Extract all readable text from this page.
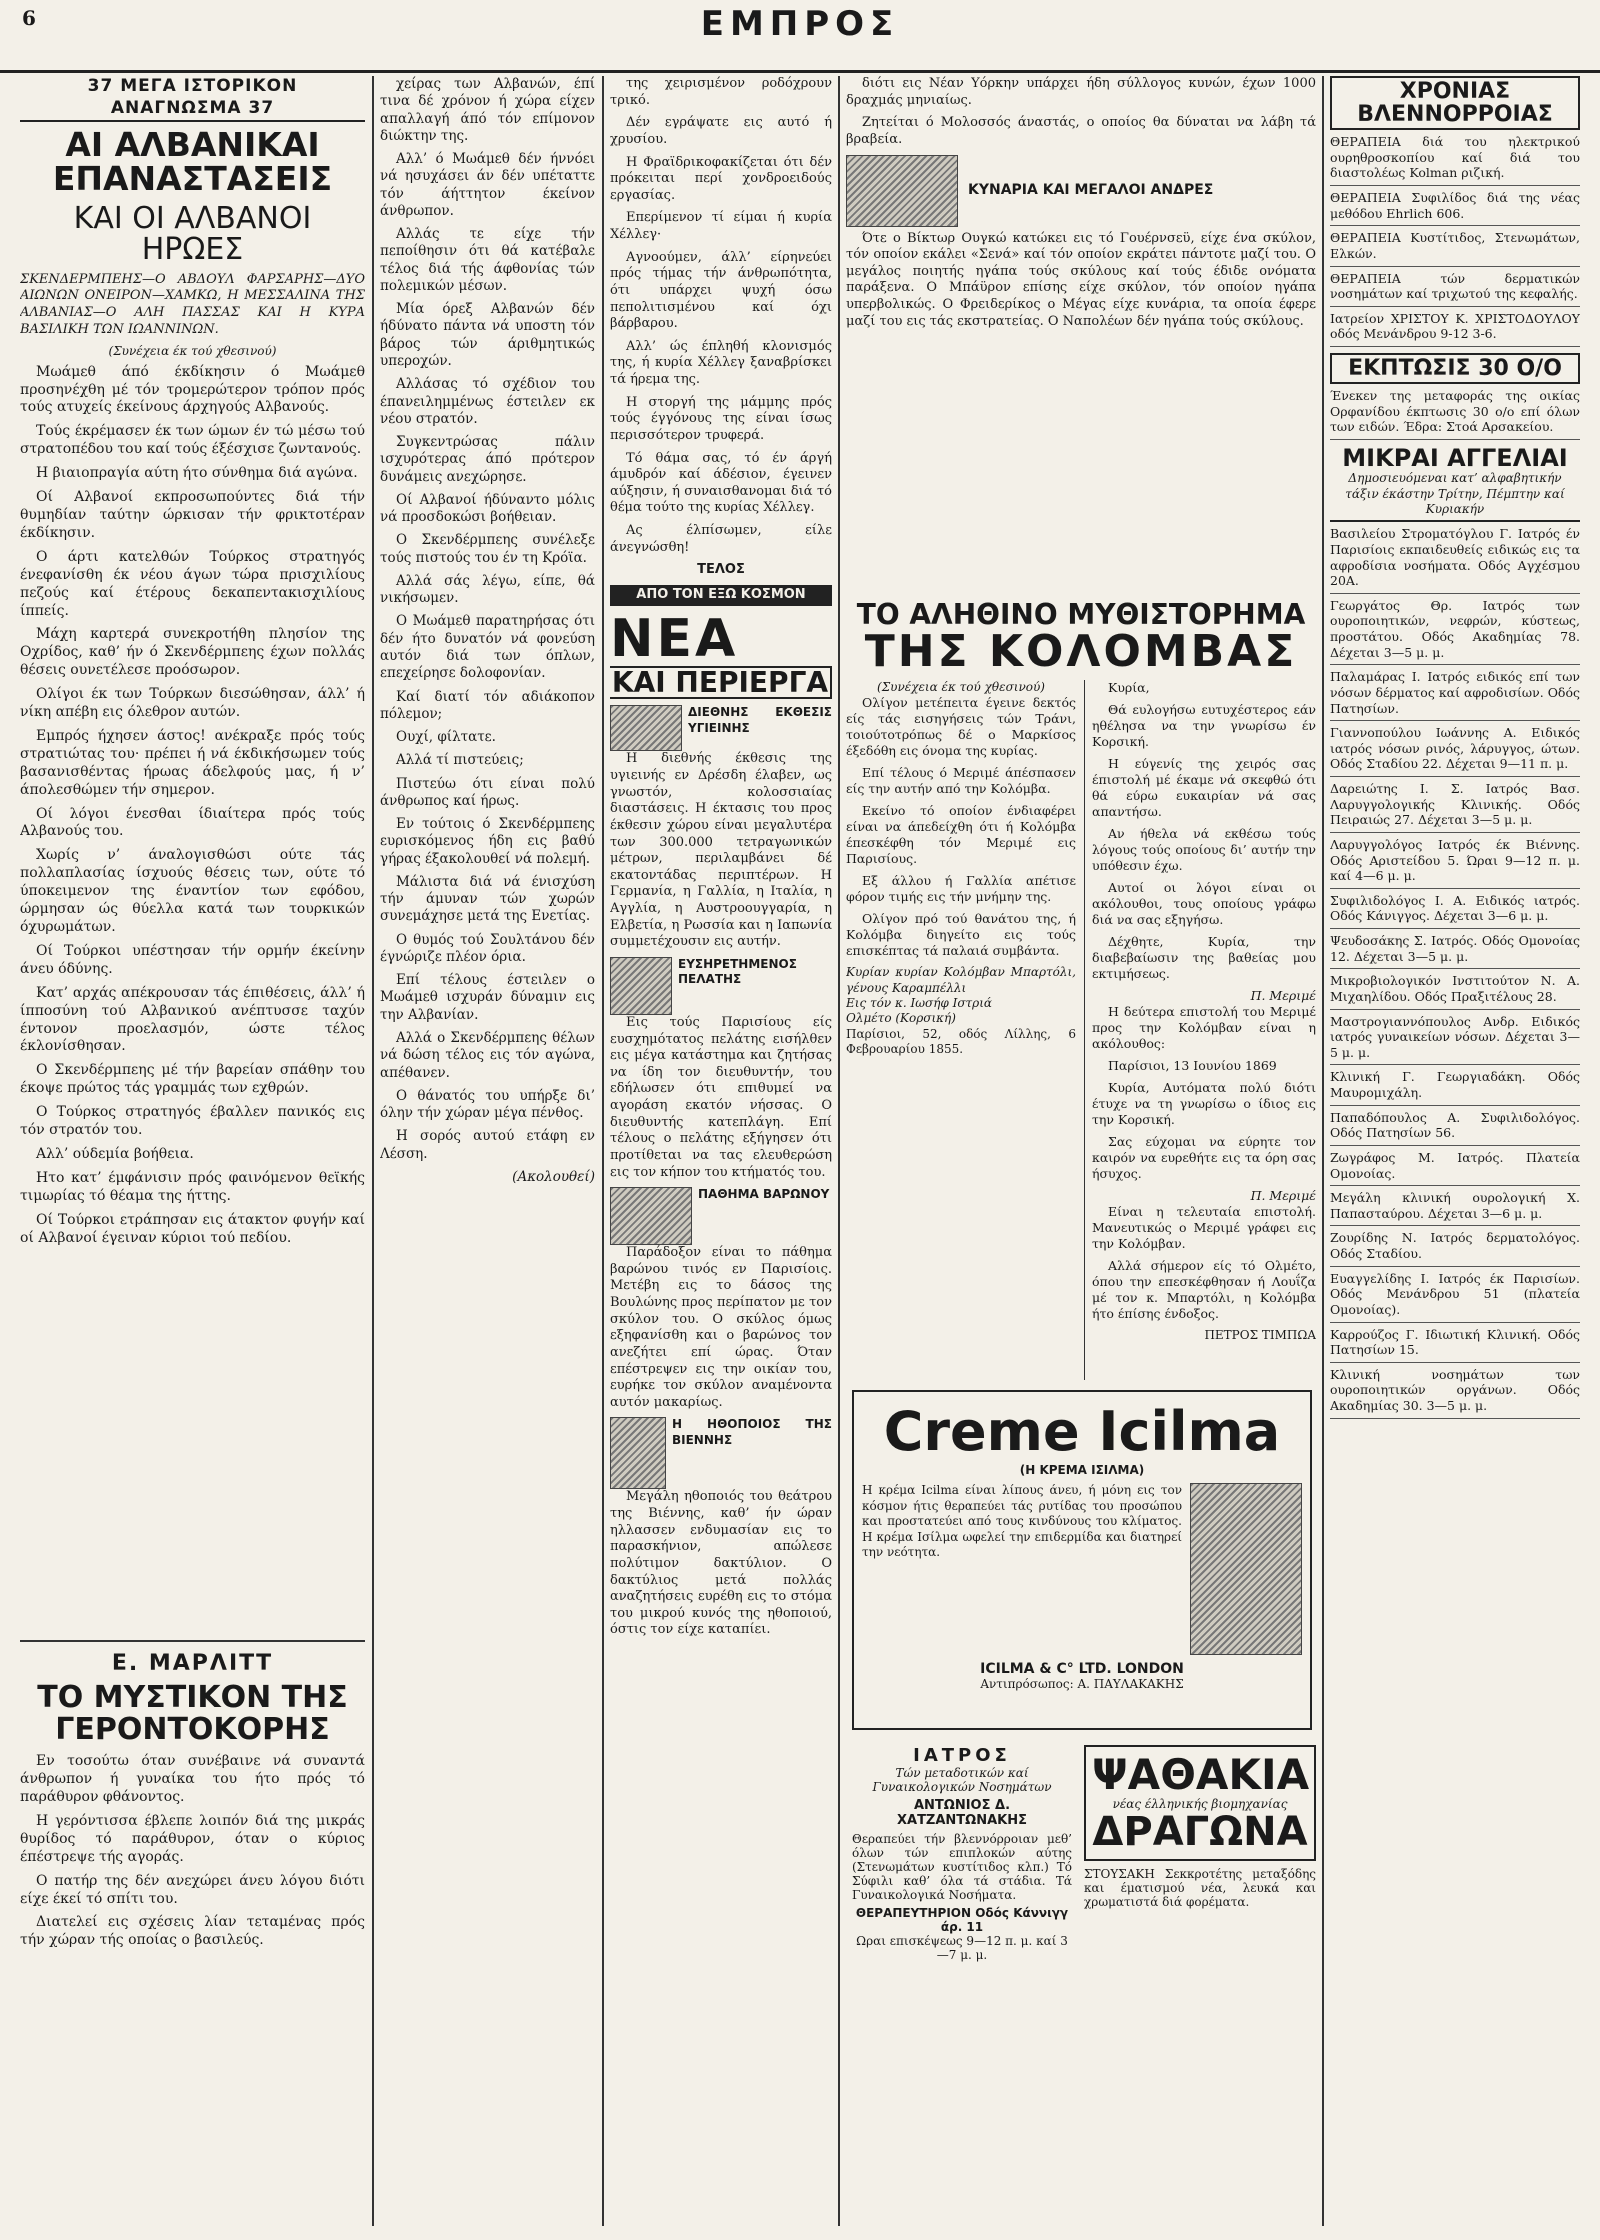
6	ΕΜΠΡΟΣ
37 ΜΕΓΑ ΙΣΤΟΡΙΚΟΝ ΑΝΑΓΝΩΣΜΑ 37
ΑΙ ΑΛΒΑΝΙΚΑΙ ΕΠΑΝΑΣΤΑΣΕΙΣ
ΚΑΙ ΟΙ ΑΛΒΑΝΟΙ ΗΡΩΕΣ
ΣΚΕΝΔΕΡΜΠΕΗΣ—Ο ΑΒΔΟΥΛ ΦΑΡΣΑΡΗΣ—ΔΥΟ ΑΙΩΝΩΝ ΟΝΕΙΡΟΝ—ΧΑΜΚΩ, Η ΜΕΣΣΑΛΙΝΑ ΤΗΣ ΑΛΒΑΝΙΑΣ—Ο ΑΛΗ ΠΑΣΣΑΣ ΚΑΙ Η ΚΥΡΑ ΒΑΣΙΛΙΚΗ ΤΩΝ ΙΩΑΝΝΙΝΩΝ.
(Συνέχεια έκ τού χθεσινού)

Μωάμεθ άπό έκδίκησιν ό Μωάμεθ προσηνέχθη μέ τόν τρομερώτερον τρόπον πρός τούς ατυχείς έκείνους άρχηγούς Αλβανούς.

Τούς έκρέμασεν έκ των ώμων έν τώ μέσω τού στρατοπέδου του καί τούς έξέσχισε ζωντανούς.

Η βιαιοπραγία αύτη ήτο σύνθημα διά αγώνα.

Οί Αλβανοί εκπροσωπούντες διά τήν θυμηδίαν ταύτην ώρκισαν τήν φρικτοτέραν έκδίκησιν.

Ο άρτι κατελθών Τούρκος στρατηγός ένεφανίσθη έκ νέου άγων τώρα πρισχιλίους πεζούς καί έτέρους δεκαπεντακισχιλίους ίππείς.

Μάχη καρτερά συνεκροτήθη πλησίον της Οχρίδος, καθ’ ήν ό Σκενδέρμπεης έχων πολλάς θέσεις ουνετέλεσε προόσωρον.

Ολίγοι έκ των Τούρκων διεσώθησαν, άλλ’ ή νίκη απέβη εις όλεθρον αυτών.

Εμπρός ήχησεν άστος! ανέκραξε πρός τούς στρατιώτας του· πρέπει ή νά έκδικήσωμεν τούς βασανισθέντας ήρωας άδελφούς μας, ή ν’ άπολεσθώμεν τήν σημερον.

Οί λόγοι ένεσθαι ίδιαίτερα πρός τούς Αλβανούς του.

Χωρίς ν’ άναλογισθώσι ούτε τάς πολλαπλασίας ίσχυούς θέσεις των, ούτε τό ύποκειμενον της έναντίον των εφόδου, ώρμησαν ώς θύελλα κατά των τουρκικών όχυρωμάτων.

Οί Τούρκοι υπέστησαν τήν ορμήν έκείνην άνευ όδύνης.

Κατ’ αρχάς απέκρουσαν τάς έπιθέσεις, άλλ’ ή ίπποσύνη τού Αλβανικού ανέπτυσσε ταχύν έντονον προελασμόν, ώστε τέλος έκλονίσθησαν.

Ο Σκενδέρμπεης μέ τήν βαρείαν σπάθην του έκοψε πρώτος τάς γραμμάς των εχθρών.

Ο Τούρκος στρατηγός έβαλλεν πανικός εις τόν στρατόν του.

Αλλ’ ούδεμία βοήθεια.

Ητο κατ’ έμφάνισιν πρός φαινόμενον θεϊκής τιμωρίας τό θέαμα της ήττης.

Οί Τούρκοι ετράπησαν εις άτακτον φυγήν καί οί Αλβανοί έγειναν κύριοι τού πεδίου.

Ε. ΜΑΡΛΙΤΤ
ΤΟ ΜΥΣΤΙΚΟΝ ΤΗΣ ΓΕΡΟΝΤΟΚΟΡΗΣ

Εν τοσούτω όταν συνέβαινε νά συναντά άνθρωπον ή γυναίκα του ήτο πρός τό παράθυρον φθάνοντος.

Η γερόντισσα έβλεπε λοιπόν διά της μικράς θυρίδος τό παράθυρον, όταν ο κύριος έπέστρεψε τής αγοράς.

Ο πατήρ της δέν ανεχώρει άνευ λόγου διότι είχε έκεί τό σπίτι του.

Διατελεί εις σχέσεις λίαν τεταμένας πρός τήν χώραν τής οποίας ο βασιλεύς.

χείρας των Αλβανών, έπί τινα δέ χρόνον ή χώρα είχεν απαλλαγή άπό τόν επίμονον διώκτην της.

Αλλ’ ό Μωάμεθ δέν ήννόει νά ησυχάσει άν δέν υπέταττε τόν άήττητον έκείνον άνθρωπον.

Αλλάς τε είχε τήν πεποίθησιν ότι θά κατέβαλε τέλος διά τής άφθονίας τών πολεμικών μέσων.

Μία όρεξ Αλβανών δέν ήδύνατο πάντα νά υποστη τόν βάρος τών άριθμητικώς υπεροχών.

Αλλάσας τό σχέδιον του έπανειλημμένως έστειλεν εκ νέου στρατόν.

Συγκεντρώσας πάλιν ισχυρότερας άπό πρότερον δυνάμεις ανεχώρησε.

Οί Αλβανοί ήδύναντο μόλις νά προσδοκώσι βοήθειαν.

Ο Σκενδέρμπεης συνέλεξε τούς πιστούς του έν τη Κρόϊα.

Αλλά σάς λέγω, είπε, θά νικήσωμεν.

Ο Μωάμεθ παρατηρήσας ότι δέν ήτο δυνατόν νά φονεύση αυτόν διά των όπλων, επεχείρησε δολοφονίαν.

Καί διατί τόν αδιάκοπον πόλεμον;

Ουχί, φίλτατε.

Αλλά τί πιστεύεις;

Πιστεύω ότι είναι πολύ άνθρωπος καί ήρως.

Εν τούτοις ό Σκενδέρμπεης ευρισκόμενος ήδη εις βαθύ γήρας έξακολουθεί νά πολεμή.

Μάλιστα διά νά ένισχύση τήν άμυναν τών χωρών συνεμάχησε μετά της Ενετίας.

Ο θυμός τού Σουλτάνου δέν έγνώριζε πλέον όρια.

Επί τέλους έστειλεν ο Μωάμεθ ισχυράν δύναμιν εις την Αλβανίαν.

Αλλά ο Σκενδέρμπεης θέλων νά δώση τέλος εις τόν αγώνα, απέθανεν.

Ο θάνατός του υπήρξε δι’ όλην τήν χώραν μέγα πένθος.

Η σορός αυτού ετάφη εν Λέσση.

(Ακολουθεί)

της χειρισμένον ροδόχρουν τρικό.

Δέν εγράψατε εις αυτό ή χρυσίου.

Η Φραϊδρικοφακίζεται ότι δέν πρόκειται περί χονδροειδούς εργασίας.

Επερίμενον τί είμαι ή κυρία Χέλλεγ·

Αγνοούμεν, άλλ’ είρηνεύει πρός τήμας τήν άνθρωπότητα, ότι υπάρχει ψυχή όσω πεπολιτισμένου καί όχι βάρβαρου.

Αλλ’ ώς έπληθή κλονισμός της, ή κυρία Χέλλεγ ξαναβρίσκει τά ήρεμα της.

Η στοργή της μάμμης πρός τούς έγγόνους της είναι ίσως περισσότερον τρυφερά.

Τό θάμα σας, τό έν άργή άμυδρόν καί άδέσιον, έγεινεν αύξησιν, ή συναισθανομαι διά τό θέμα τούτο της κυρίας Χέλλεγ.

Ας έλπίσωμεν, είλε άνεγνώσθη!

ΤΕΛΟΣ
ΑΠΟ ΤΟΝ ΕΞΩ ΚΟΣΜΟΝ
ΝΕΑ
ΚΑΙ ΠΕΡΙΕΡΓΑ
ΔΙΕΘΝΗΣ ΕΚΘΕΣΙΣ ΥΓΙΕΙΝΗΣ

Η διεθνής έκθεσις της υγιεινής εν Δρέσδη έλαβεν, ως γνωστόν, κολοσσιαίας διαστάσεις. Η έκτασις του προς έκθεσιν χώρου είναι μεγαλυτέρα των 300.000 τετραγωνικών μέτρων, περιλαμβάνει δέ εκατοντάδας περιπτέρων. Η Γερμανία, η Γαλλία, η Ιταλία, η Αγγλία, η Αυστροουγγαρία, η Ελβετία, η Ρωσσία και η Ιαπωνία συμμετέχουσιν εις αυτήν.

ΕΥΣΗΡΕΤΗΜΕΝΟΣ ΠΕΛΑΤΗΣ

Εις τούς Παρισίους είς ευσχημότατος πελάτης εισήλθεν εις μέγα κατάστημα και ζητήσας να ίδη τον διευθυντήν, του εδήλωσεν ότι επιθυμεί να αγοράση εκατόν νήσσας. Ο διευθυντής κατεπλάγη. Επί τέλους ο πελάτης εξήγησεν ότι προτίθεται να τας ελευθερώση εις τον κήπον του κτήματός του.

ΠΑΘΗΜΑ ΒΑΡΩΝΟΥ

Παράδοξον είναι το πάθημα βαρώνου τινός εν Παρισίοις. Μετέβη εις το δάσος της Βουλώνης προς περίπατον με τον σκύλον του. Ο σκύλος όμως εξηφανίσθη και ο βαρώνος τον ανεζήτει επί ώρας. Όταν επέστρεψεν εις την οικίαν του, ευρήκε τον σκύλον αναμένοντα αυτόν μακαρίως.

Η ΗΘΟΠΟΙΟΣ ΤΗΣ ΒΙΕΝΝΗΣ

Μεγάλη ηθοποιός του θεάτρου της Βιέννης, καθ’ ήν ώραν ηλλασσεν ενδυμασίαν εις το παρασκήνιον, απώλεσε πολύτιμον δακτύλιον. Ο δακτύλιος μετά πολλάς αναζητήσεις ευρέθη εις το στόμα του μικρού κυνός της ηθοποιού, όστις τον είχε καταπίει.

διότι εις Νέαν Υόρκην υπάρχει ήδη σύλλογος κυνών, έχων 1000 δραχμάς μηνιαίως.

Ζητείται ό Μολοσσός άναστάς, ο οποίος θα δύναται να λάβη τά βραβεία.

ΚΥΝΑΡΙΑ ΚΑΙ ΜΕΓΑΛΟΙ ΑΝΔΡΕΣ

Ότε ο Βίκτωρ Ουγκώ κατώκει εις τό Γουέρνσεϋ, είχε ένα σκύλον, τόν οποίον εκάλει «Σενά» καί τόν οποίον εκράτει πάντοτε μαζί του. Ο μεγάλος ποιητής ηγάπα τούς σκύλους καί τούς έδιδε ονόματα παράξενα. Ο Μπάϋρον επίσης είχε σκύλον, τόν οποίον ηγάπα υπερβολικώς. Ο Φρειδερίκος ο Μέγας είχε κυνάρια, τα οποία έφερε μαζί του εις τάς εκστρατείας. Ο Ναπολέων δέν ηγάπα τούς σκύλους.

ΤΟ ΑΛΗΘΙΝΟ ΜΥΘΙΣΤΟΡΗΜΑ
ΤΗΣ ΚΟΛΟΜΒΑΣ
(Συνέχεια έκ τού χθεσινού)

Ολίγον μετέπειτα έγεινε δεκτός είς τάς εισηγήσεις τών Τράνι, τοιούτοτρόπως δέ ο Μαρκίσος έξεδόθη εις όνομα της κυρίας.

Επί τέλους ό Μεριμέ άπέσπασεν είς την αυτήν από την Κολόμβα.

Εκείνο τό οποίον ένδιαφέρει είναι να άπεδείχθη ότι ή Κολόμβα έπεσκέφθη τόν Μεριμέ εις Παρισίους.

Εξ άλλου ή Γαλλία απέτισε φόρον τιμής εις τήν μνήμην της.

Ολίγον πρό τού θανάτου της, ή Κολόμβα διηγείτο εις τούς επισκέπτας τά παλαιά συμβάντα.

Κυρίαν κυρίαν Κολόμβαν Μπαρτόλι, γένους Καραμπέλλι
Εις τόν κ. Ιωσήφ Ιστριά
Ολμέτο (Κορσική)
Παρίσιοι, 52, οδός Λίλλης, 6 Φεβρουαρίου 1855.

Κυρία,

Θά ευλογήσω ευτυχέστερος εάν ηθέλησα να την γνωρίσω έν Κορσική.

Η εύγενίς της χειρός σας έπιστολή μέ έκαμε νά σκεφθώ ότι θά εύρω ευκαιρίαν νά σας απαντήσω.

Αν ήθελα νά εκθέσω τούς λόγους τούς οποίους δι’ αυτήν την υπόθεσιν έχω.

Αυτοί οι λόγοι είναι οι ακόλουθοι, τους οποίους γράφω διά να σας εξηγήσω.

Δέχθητε, Κυρία, την διαβεβαίωσιν της βαθείας μου εκτιμήσεως.

Π. Μεριμέ

Η δεύτερα επιστολή του Μεριμέ προς την Κολόμβαν είναι η ακόλουθος:

Παρίσιοι, 13 Ιουνίου 1869

Κυρία, Αυτόματα πολύ διότι έτυχε να τη γνωρίσω ο ίδιος εις την Κορσική.

Σας εύχομαι να εύρητε τον καιρόν να ευρεθήτε εις τα όρη σας ήσυχος.

Π. Μεριμέ

Είναι η τελευταία επιστολή. Μανευτικώς ο Μεριμέ γράφει εις την Κολόμβαν.

Αλλά σήμερον είς τό Ολμέτο, όπου την επεσκέφθησαν ή Λουΐζα μέ τον κ. Μπαρτόλι, η Κολόμβα ήτο έπίσης ένδοξος.

ΠΕΤΡΟΣ ΤΙΜΠΩΑ
Creme Icilma
(Η ΚΡΕΜΑ ΙΣΙΛΜΑ)
Η κρέμα Icilma είναι λίπους άνευ, ή μόνη εις τον κόσμον ήτις θεραπεύει τάς ρυτίδας του προσώπου και προστατεύει από τους κινδύνους του κλίματος. Η κρέμα Ισίλμα ωφελεί την επιδερμίδα και διατηρεί την νεότητα.
ICILMA & C° LTD. LONDON
Αντιπρόσωπος: Α. ΠΑΥΛΑΚΑΚΗΣ
ΙΑΤΡΟΣ
Τών μεταδοτικών καί Γυναικολογικών Νοσημάτων
ΑΝΤΩΝΙΟΣ Δ. ΧΑΤΖΑΝΤΩΝΑΚΗΣ
Θεραπεύει τήν βλεννόρροιαν μεθ’ όλων τών επιπλοκών αύτης (Στενωμάτων κυστίτιδος κλπ.) Τό Σύφιλι καθ’ όλα τά στάδια. Τά Γυναικολογικά Νοσήματα.
ΘΕΡΑΠΕΥΤΗΡΙΟΝ Οδός Κάννιγγ άρ. 11
Ωραι επισκέψεως 9—12 π. μ. καί 3—7 μ. μ.
ΨΑΘΑΚΙΑ
νέας έλληνικής βιομηχανίας
ΔΡΑΓΩΝΑ
ΣΤΟΥΣΑΚΗ Σεκκροτέτης μεταξόδης και έματισμού νέα, λευκά και χρωματιστά διά φορέματα.
ΧΡΟΝΙΑΣ ΒΛΕΝΝΟΡΡΟΙΑΣ
ΘΕΡΑΠΕΙΑ διά του ηλεκτρικού ουρηθροσκοπίου καί διά του διαστολέως Kolman ριζική.
ΘΕΡΑΠΕΙΑ Συφιλίδος διά της νέας μεθόδου Ehrlich 606.
ΘΕΡΑΠΕΙΑ Κυστίτιδος, Στενωμάτων, Ελκών.
ΘΕΡΑΠΕΙΑ τών δερματικών νοσημάτων καί τριχωτού της κεφαλής.
Ιατρείον ΧΡΙΣΤΟΥ Κ. ΧΡΙΣΤΟΔΟΥΛΟΥ οδός Μενάνδρου 9-12 3-6.
ΕΚΠΤΩΣΙΣ 30 Ο/Ο
Ένεκεν της μεταφοράς της οικίας Ορφανίδου έκπτωσις 30 ο/ο επί όλων των ειδών. Έδρα: Στοά Αρσακείου.
ΜΙΚΡΑΙ ΑΓΓΕΛΙΑΙ
Δημοσιευόμεναι κατ’ αλφαβητικήν τάξιν έκάστην Τρίτην, Πέμπτην καί Κυριακήν
Βασιλείου Στροματόγλου Γ. Ιατρός έν Παρισίοις εκπαιδευθείς ειδικώς εις τα αφροδίσια νοσήματα. Οδός Αγχέσμου 20Α.
Γεωργάτος Θρ. Ιατρός των ουροποιητικών, νεφρών, κύστεως, προστάτου. Οδός Ακαδημίας 78. Δέχεται 3—5 μ. μ.
Παλαμάρας Ι. Ιατρός ειδικός επί των νόσων δέρματος καί αφροδισίων. Οδός Πατησίων.
Γιαννοπούλου Ιωάννης Α. Ειδικός ιατρός νόσων ρινός, λάρυγγος, ώτων. Οδός Σταδίου 22. Δέχεται 9—11 π. μ.
Δαρειώτης Ι. Σ. Ιατρός Βασ. Λαρυγγολογικής Κλινικής. Οδός Πειραιώς 27. Δέχεται 3—5 μ. μ.
Λαρυγγολόγος Ιατρός έκ Βιέννης. Οδός Αριστείδου 5. Ώραι 9—12 π. μ. καί 4—6 μ. μ.
Συφιλιδολόγος Ι. Α. Ειδικός ιατρός. Οδός Κάνιγγος. Δέχεται 3—6 μ. μ.
Ψευδοσάκης Σ. Ιατρός. Οδός Ομονοίας 12. Δέχεται 3—5 μ. μ.
Μικροβιολογικόν Ινστιτούτον Ν. Α. Μιχαηλίδου. Οδός Πραξιτέλους 28.
Μαστρογιαννόπουλος Ανδρ. Ειδικός ιατρός γυναικείων νόσων. Δέχεται 3—5 μ. μ.
Κλινική Γ. Γεωργιαδάκη. Οδός Μαυρομιχάλη.
Παπαδόπουλος Α. Συφιλιδολόγος. Οδός Πατησίων 56.
Ζωγράφος Μ. Ιατρός. Πλατεία Ομονοίας.
Μεγάλη κλινική ουρολογική Χ. Παπασταύρου. Δέχεται 3—6 μ. μ.
Ζουρίδης Ν. Ιατρός δερματολόγος. Οδός Σταδίου.
Ευαγγελίδης Ι. Ιατρός έκ Παρισίων. Οδός Μενάνδρου 51 (πλατεία Ομονοίας).
Καρρούζος Γ. Ιδιωτική Κλινική. Οδός Πατησίων 15.
Κλινική νοσημάτων των ουροποιητικών οργάνων. Οδός Ακαδημίας 30. 3—5 μ. μ.
